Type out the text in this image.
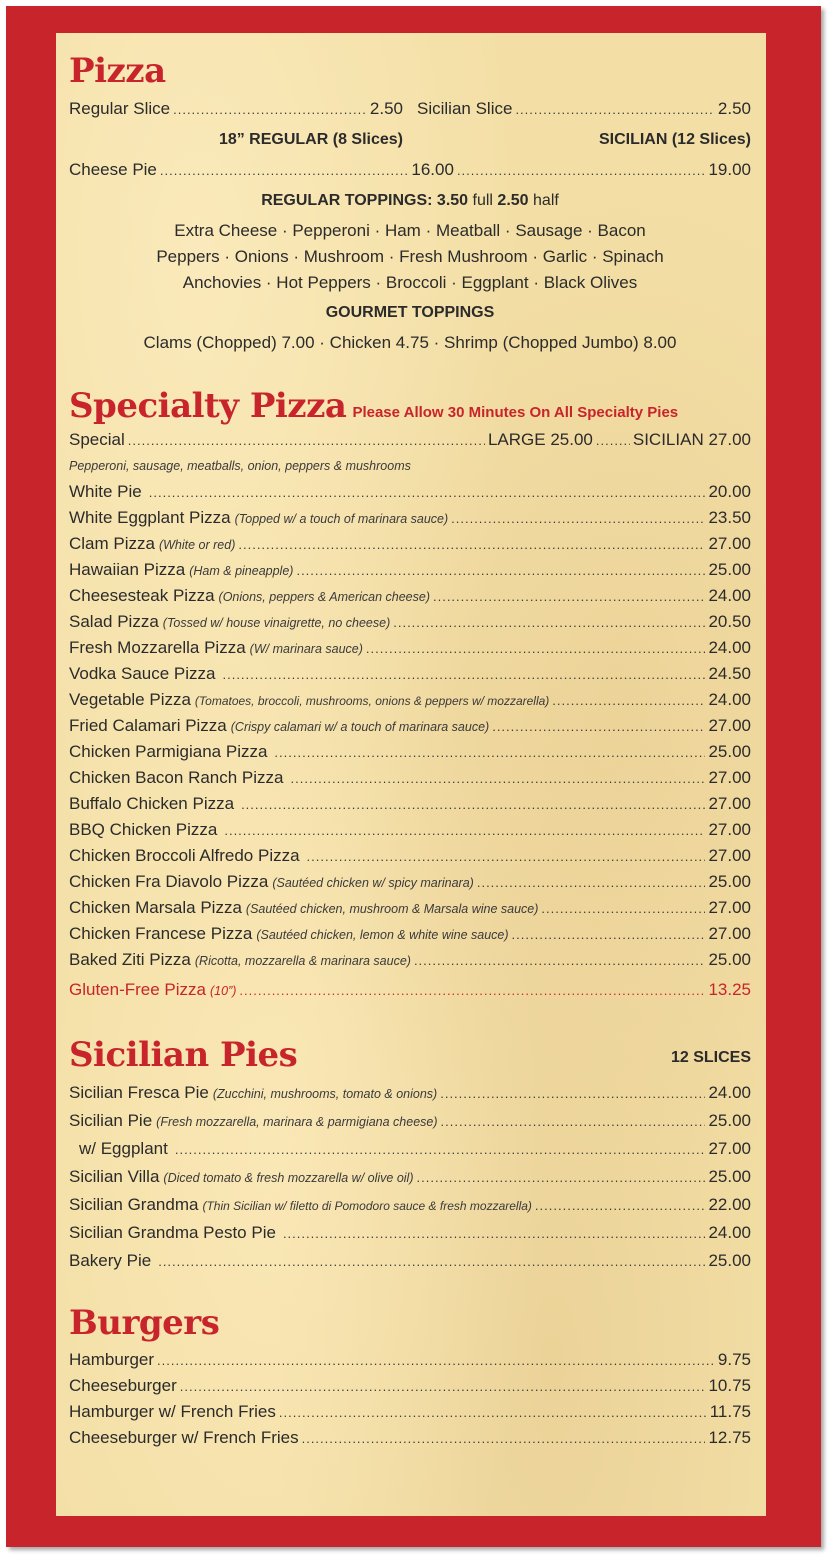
Pizza
Regular Slice .....	2.50 Sicilian Slice .....	2.50
18” REGULAR (8 Slices)	SICILIAN (12 Slices)
Cheese Pie .....	16.00 .....	19.00
REGULAR TOPPINGS: 3.50 full 2.50 half
Extra Cheese · Pepperoni · Ham · Meatball · Sausage · Bacon
Peppers · Onions · Mushroom · Fresh Mushroom · Garlic · Spinach
Anchovies · Hot Peppers · Broccoli · Eggplant · Black Olives
GOURMET TOPPINGS
Clams (Chopped) 7.00 · Chicken 4.75 · Shrimp (Chopped Jumbo) 8.00
Specialty Pizza Please Allow 30 Minutes On All Specialty Pies
Special .....	LARGE 25.00 ..... SICILIAN 27.00
Pepperoni, sausage, meatballs, onion, peppers & mushrooms
White Pie .....	20.00
White Eggplant Pizza (Topped w/ a touch of marinara sauce) .....	23.50
Clam Pizza (White or red) .....	27.00
Hawaiian Pizza (Ham & pineapple) .....	25.00
Cheesesteak Pizza (Onions, peppers & American cheese) .....	24.00
Salad Pizza (Tossed w/ house vinaigrette, no cheese) .....	20.50
Fresh Mozzarella Pizza (W/ marinara sauce) .....	24.00
Vodka Sauce Pizza .....	24.50
Vegetable Pizza (Tomatoes, broccoli, mushrooms, onions & peppers w/ mozzarella) .....	24.00
Fried Calamari Pizza (Crispy calamari w/ a touch of marinara sauce) .....	27.00
Chicken Parmigiana Pizza .....	25.00
Chicken Bacon Ranch Pizza .....	27.00
Buffalo Chicken Pizza .....	27.00
BBQ Chicken Pizza .....	27.00
Chicken Broccoli Alfredo Pizza .....	27.00
Chicken Fra Diavolo Pizza (Sautéed chicken w/ spicy marinara) .....	25.00
Chicken Marsala Pizza (Sautéed chicken, mushroom & Marsala wine sauce) .....	27.00
Chicken Francese Pizza (Sautéed chicken, lemon & white wine sauce) .....	27.00
Baked Ziti Pizza (Ricotta, mozzarella & marinara sauce) .....	25.00
Gluten-Free Pizza (10”) .....	13.25
Sicilian Pies	12 SLICES
Sicilian Fresca Pie (Zucchini, mushrooms, tomato & onions) .....	24.00
Sicilian Pie (Fresh mozzarella, marinara & parmigiana cheese) .....	25.00
w/ Eggplant .....	27.00
Sicilian Villa (Diced tomato & fresh mozzarella w/ olive oil) .....	25.00
Sicilian Grandma (Thin Sicilian w/ filetto di Pomodoro sauce & fresh mozzarella) .....	22.00
Sicilian Grandma Pesto Pie .....	24.00
Bakery Pie .....	25.00
Burgers
Hamburger .....	9.75
Cheeseburger .....	10.75
Hamburger w/ French Fries .....	11.75
Cheeseburger w/ French Fries .....	12.75
